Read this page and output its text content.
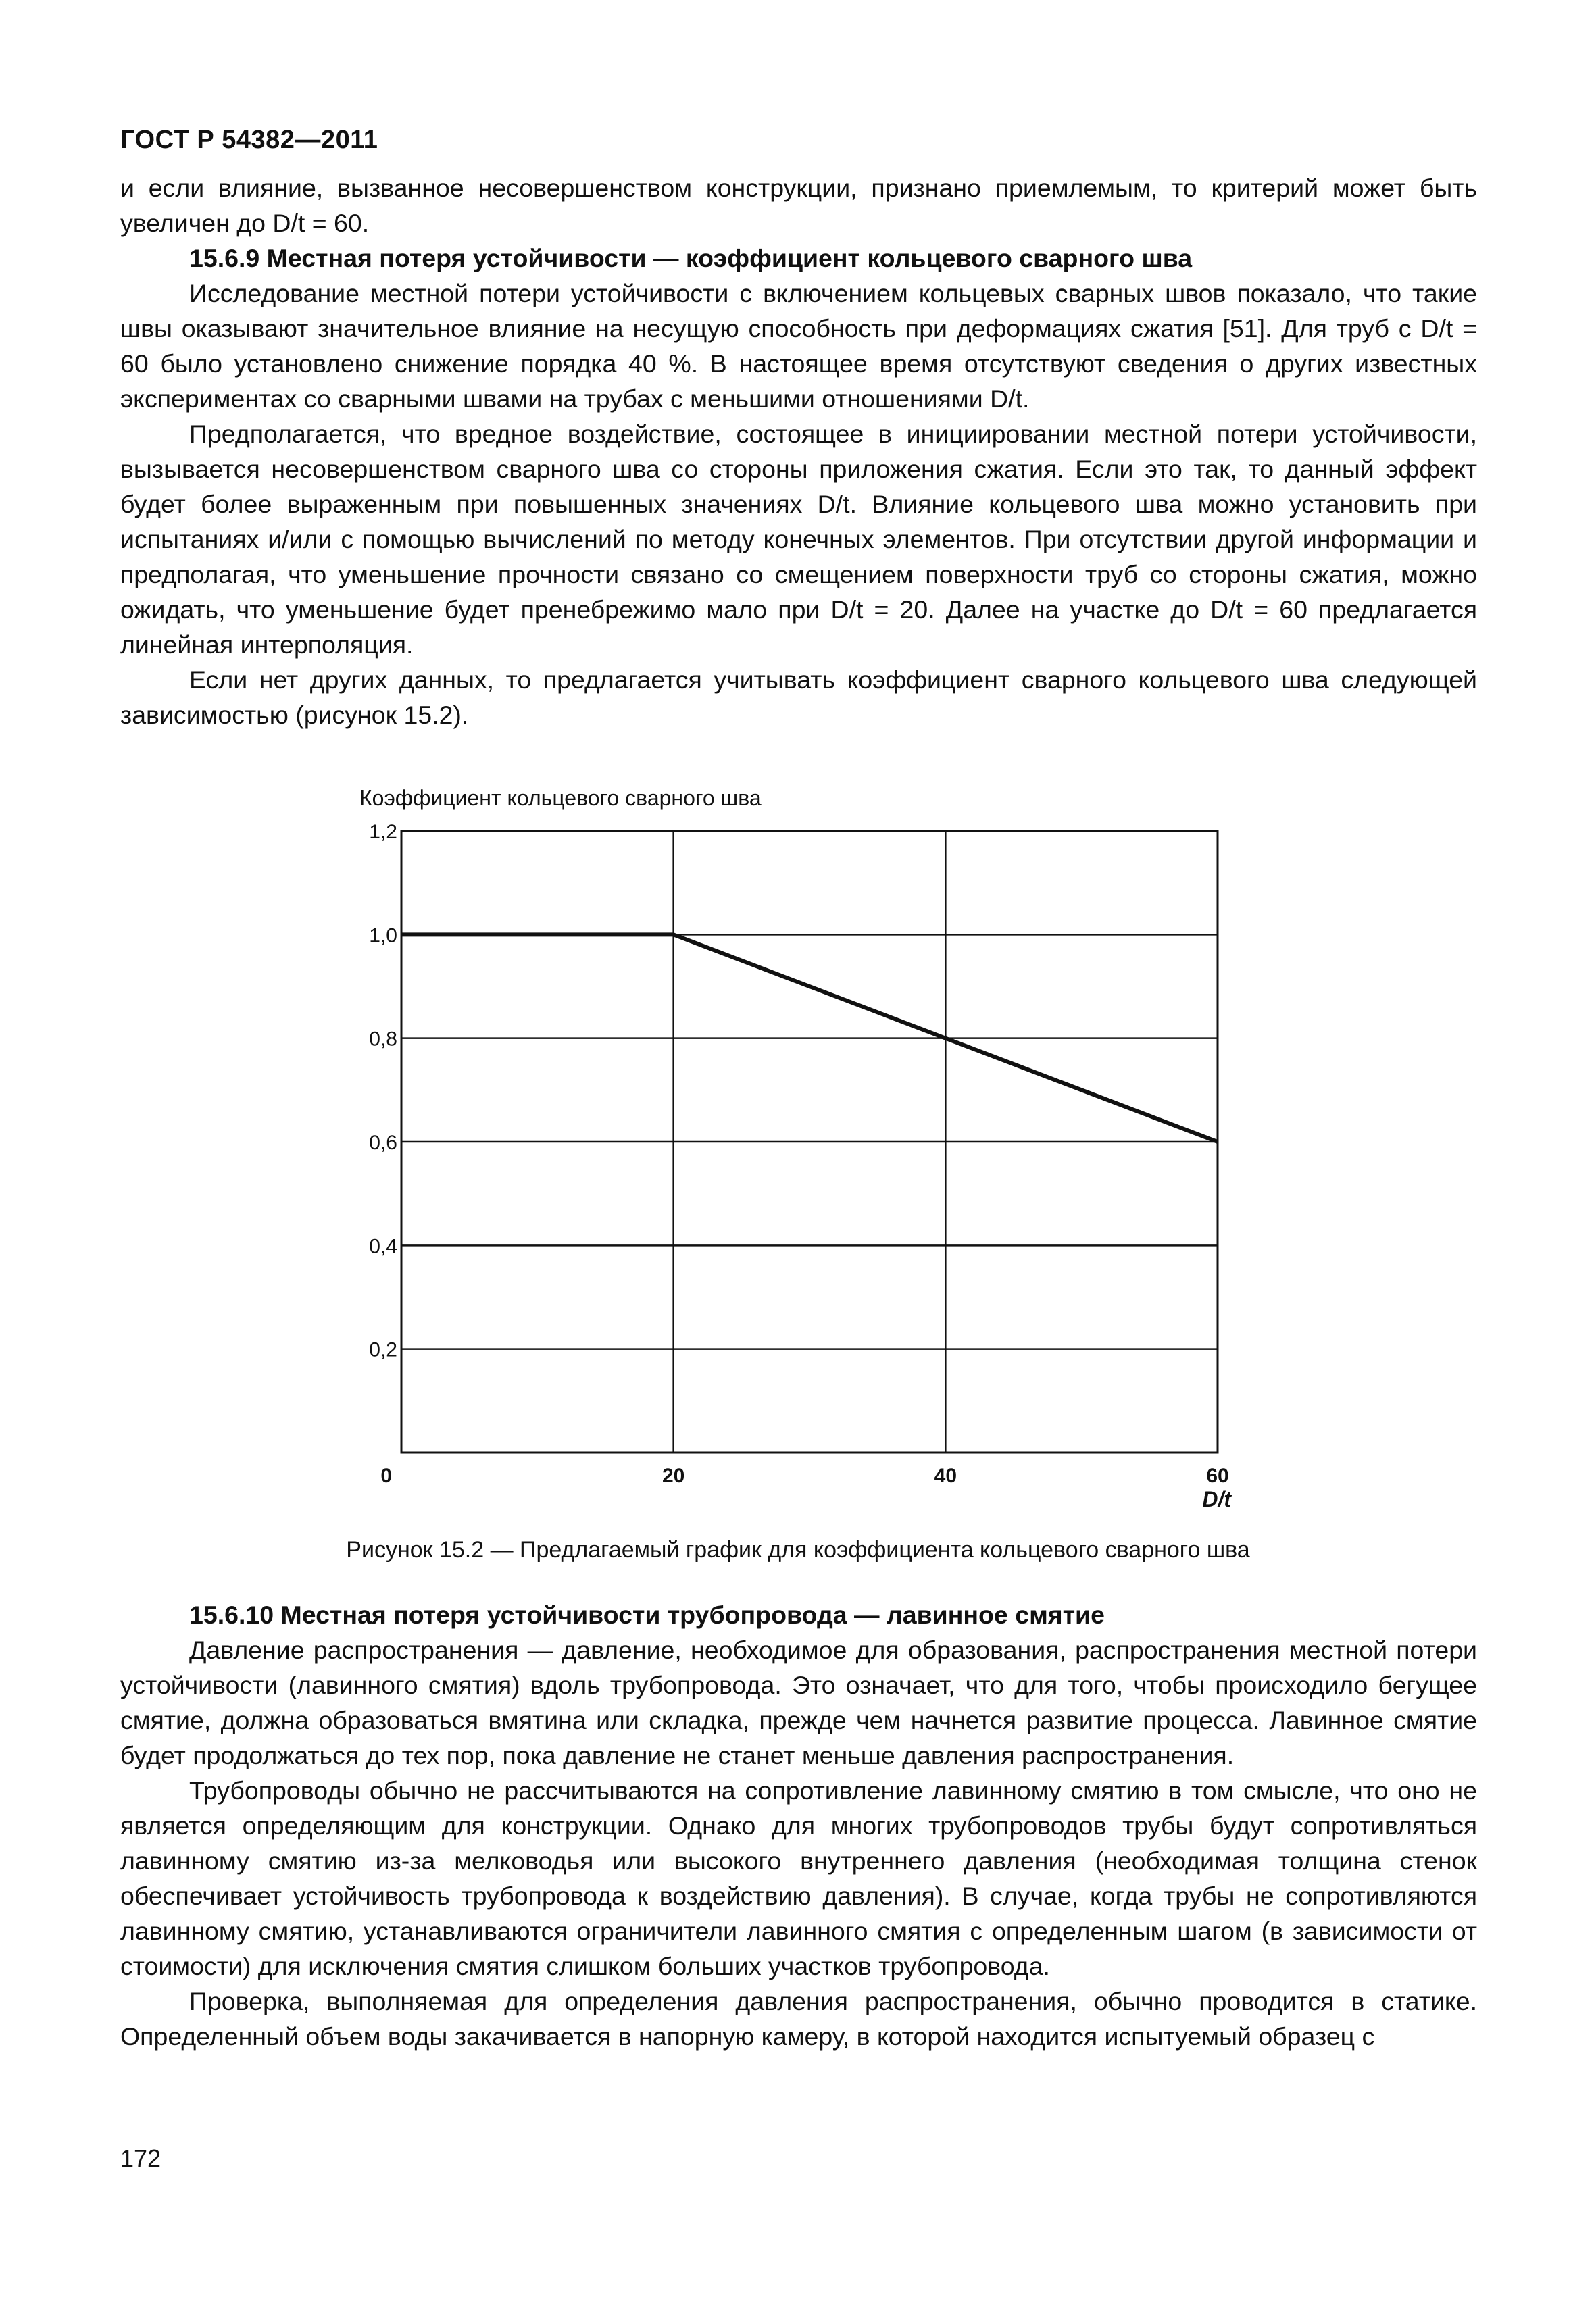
ГОСТ Р 54382—2011

и если влияние, вызванное несовершенством конструкции, признано приемлемым, то критерий может быть увеличен до D/t = 60.

15.6.9 Местная потеря устойчивости — коэффициент кольцевого сварного шва

Исследование местной потери устойчивости с включением кольцевых сварных швов показало, что такие швы оказывают значительное влияние на несущую способность при деформациях сжатия [51]. Для труб с D/t = 60 было установлено снижение порядка 40 %. В настоящее время отсутствуют сведения о других известных экспериментах со сварными швами на трубах с меньшими отношениями D/t.

Предполагается, что вредное воздействие, состоящее в инициировании местной потери устойчивости, вызывается несовершенством сварного шва со стороны приложения сжатия. Если это так, то данный эффект будет более выраженным при повышенных значениях D/t. Влияние кольцевого шва можно установить при испытаниях и/или с помощью вычислений по методу конечных элементов. При отсутствии другой информации и предполагая, что уменьшение прочности связано со смещением поверхности труб со стороны сжатия, можно ожидать, что уменьшение будет пренебрежимо мало при D/t = 20. Далее на участке до D/t = 60 предлагается линейная интерполяция.

Если нет других данных, то предлагается учитывать коэффициент сварного кольцевого шва следующей зависимостью (рисунок 15.2).

0,2
0,4
0,6
0,8
1,0
1,2
0	20	40	60
Коэффициент кольцевого сварного шва
D/t
Рисунок 15.2 — Предлагаемый график для коэффициента кольцевого сварного шва

15.6.10 Местная потеря устойчивости трубопровода — лавинное смятие

Давление распространения — давление, необходимое для образования, распространения местной потери устойчивости (лавинного смятия) вдоль трубопровода. Это означает, что для того, чтобы происходило бегущее смятие, должна образоваться вмятина или складка, прежде чем начнется развитие процесса. Лавинное смятие будет продолжаться до тех пор, пока давление не станет меньше давления распространения.

Трубопроводы обычно не рассчитываются на сопротивление лавинному смятию в том смысле, что оно не является определяющим для конструкции. Однако для многих трубопроводов трубы будут сопротивляться лавинному смятию из-за мелководья или высокого внутреннего давления (необходимая толщина стенок обеспечивает устойчивость трубопровода к воздействию давления). В случае, когда трубы не сопротивляются лавинному смятию, устанавливаются ограничители лавинного смятия с определенным шагом (в зависимости от стоимости) для исключения смятия слишком больших участков трубопровода.

Проверка, выполняемая для определения давления распространения, обычно проводится в статике. Определенный объем воды закачивается в напорную камеру, в которой находится испытуемый образец с

172
